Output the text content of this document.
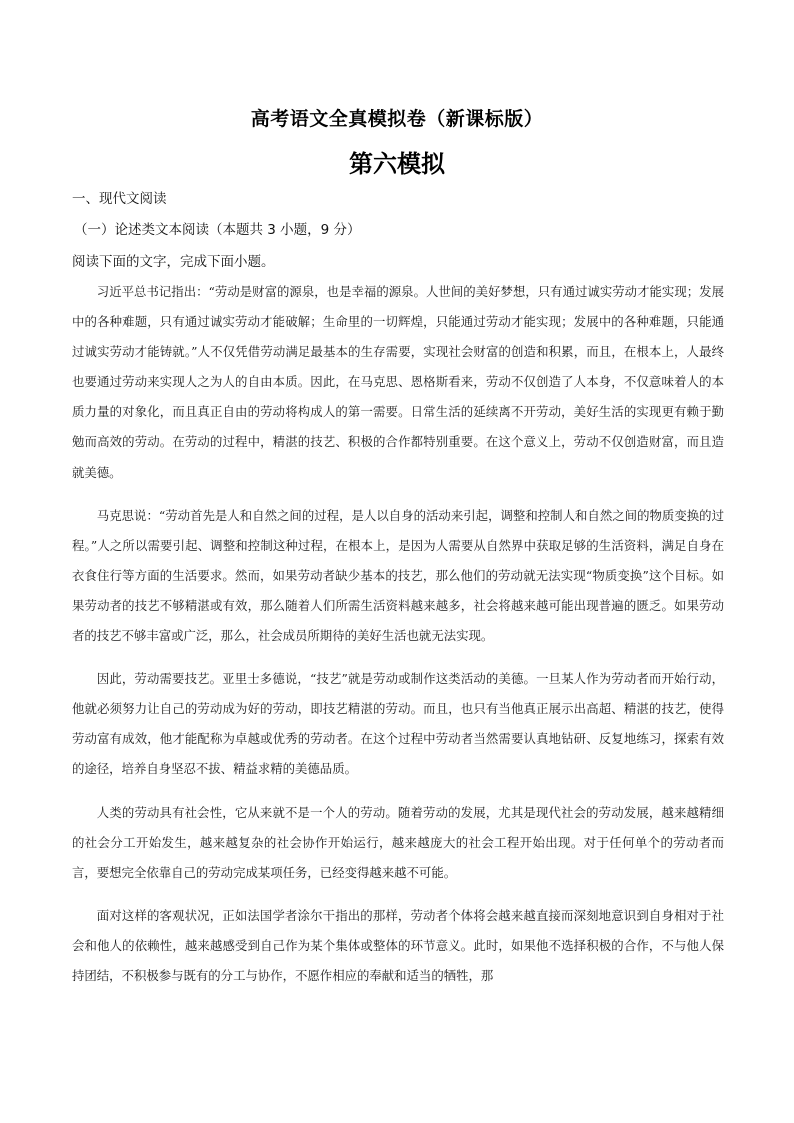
高考语文全真模拟卷（新课标版）
第六模拟
一、现代文阅读
（一）论述类文本阅读（本题共 3 小题，9 分）
阅读下面的文字，完成下面小题。

习近平总书记指出：“劳动是财富的源泉，也是幸福的源泉。人世间的美好梦想，只有通过诚实劳动才能实现；发展中的各种难题，只有通过诚实劳动才能破解；生命里的一切辉煌，只能通过劳动才能实现；发展中的各种难题，只能通过诚实劳动才能铸就。”人不仅凭借劳动满足最基本的生存需要，实现社会财富的创造和积累，而且，在根本上，人最终也要通过劳动来实现人之为人的自由本质。因此，在马克思、恩格斯看来，劳动不仅创造了人本身，不仅意味着人的本质力量的对象化，而且真正自由的劳动将构成人的第一需要。日常生活的延续离不开劳动，美好生活的实现更有赖于勤勉而高效的劳动。在劳动的过程中，精湛的技艺、积极的合作都特别重要。在这个意义上，劳动不仅创造财富，而且造就美德。

马克思说：“劳动首先是人和自然之间的过程，是人以自身的活动来引起，调整和控制人和自然之间的物质变换的过程。”人之所以需要引起、调整和控制这种过程，在根本上，是因为人需要从自然界中获取足够的生活资料，满足自身在衣食住行等方面的生活要求。然而，如果劳动者缺少基本的技艺，那么他们的劳动就无法实现“物质变换”这个目标。如果劳动者的技艺不够精湛或有效，那么随着人们所需生活资料越来越多，社会将越来越可能出现普遍的匮乏。如果劳动者的技艺不够丰富或广泛，那么，社会成员所期待的美好生活也就无法实现。

因此，劳动需要技艺。亚里士多德说，“技艺”就是劳动或制作这类活动的美德。一旦某人作为劳动者而开始行动，他就必须努力让自己的劳动成为好的劳动，即技艺精湛的劳动。而且，也只有当他真正展示出高超、精湛的技艺，使得劳动富有成效，他才能配称为卓越或优秀的劳动者。在这个过程中劳动者当然需要认真地钻研、反复地练习，探索有效的途径，培养自身坚忍不拔、精益求精的美德品质。

人类的劳动具有社会性，它从来就不是一个人的劳动。随着劳动的发展，尤其是现代社会的劳动发展，越来越精细的社会分工开始发生，越来越复杂的社会协作开始运行，越来越庞大的社会工程开始出现。对于任何单个的劳动者而言，要想完全依靠自己的劳动完成某项任务，已经变得越来越不可能。

面对这样的客观状况，正如法国学者涂尔干指出的那样，劳动者个体将会越来越直接而深刻地意识到自身相对于社会和他人的依赖性，越来越感受到自己作为某个集体或整体的环节意义。此时，如果他不选择积极的合作，不与他人保持团结，不积极参与既有的分工与协作，不愿作相应的奉献和适当的牺牲，那
